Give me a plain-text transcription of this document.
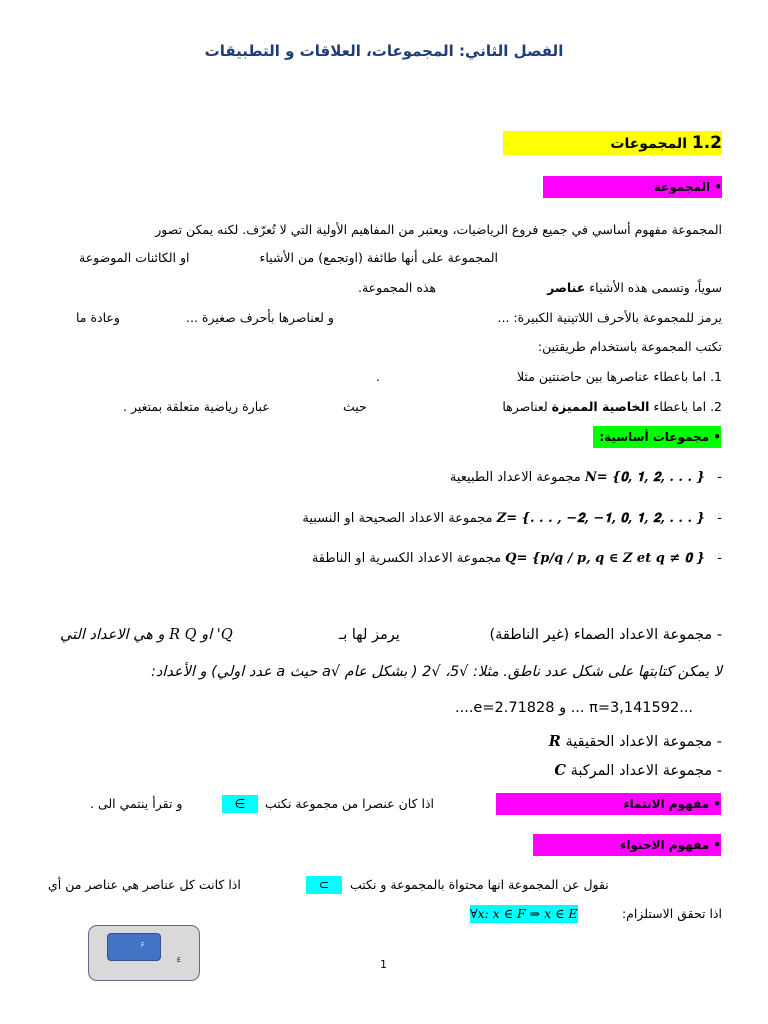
الفصل الثاني: المجموعات، العلاقات و التطبيقات
1.2 المجموعات
• المجموعة
المجموعة مفهوم أساسي في جميع فروع الرياضيات، ويعتبر من المفاهيم الأولية التي لا تُعرّف. لكنه يمكن تصور
المجموعة على أنها طائفة (اوتجمع) من الأشياء
او الكائنات الموضوعة
سوياً، وتسمى هذه الأشياء عناصر
هذه المجموعة.
يرمز للمجموعة بالأحرف اللاتينية الكبيرة: ...
و لعناصرها بأحرف صغيرة ...
وعادة ما
تكتب المجموعة باستخدام طريقتين:
1. اما باعطاء عناصرها بين حاضنتين مثلا
.
2. اما باعطاء الخاصية المميزة لعناصرها
حيث
عبارة رياضية متعلقة بمتغير .
• مجموعات أساسية:
مجموعة الاعداد الطبيعية 𝑵= {𝟎, 𝟏, 𝟐, . . . }   -
مجموعة الاعداد الصحيحة او النسبية 𝒁= {. . . , −𝟐, −𝟏, 𝟎, 𝟏, 𝟐, . . . }   -
مجموعة الاعداد الكسرية او الناطقة 𝑸= {p/q / 𝒑, 𝒒 ∈ 𝒁 𝒆𝒕 𝒒 ≠ 𝟎 }   -
- مجموعة الاعداد الصماء (غير الناطقة)
يرمز لها بـ
Q' او R Q و هي الاعداد التي
لا يمكن كتابتها على شكل عدد ناطق. مثلا: √5، √2 ( بشكل عام √a حيث a عدد اولي) و الأعداد:
....e=2.71828 و ... π=3,141592...
- مجموعة الاعداد الحقيقية 𝑹
- مجموعة الاعداد المركبة 𝑪
• مفهوم الانتماء
اذا كان عنصرا من مجموعة نكتب
∈
و تقرأ ينتمي الى .
• مفهوم الاحتواء
نقول عن المجموعة انها محتواة بالمجموعة و نكتب
⊂
اذا كانت كل عناصر هي عناصر من أي
اذا تحقق الاستلزام:
∀𝑥: 𝑥 ∈ 𝐹 ⇒ 𝑥 ∈ 𝐸
F
E	1
